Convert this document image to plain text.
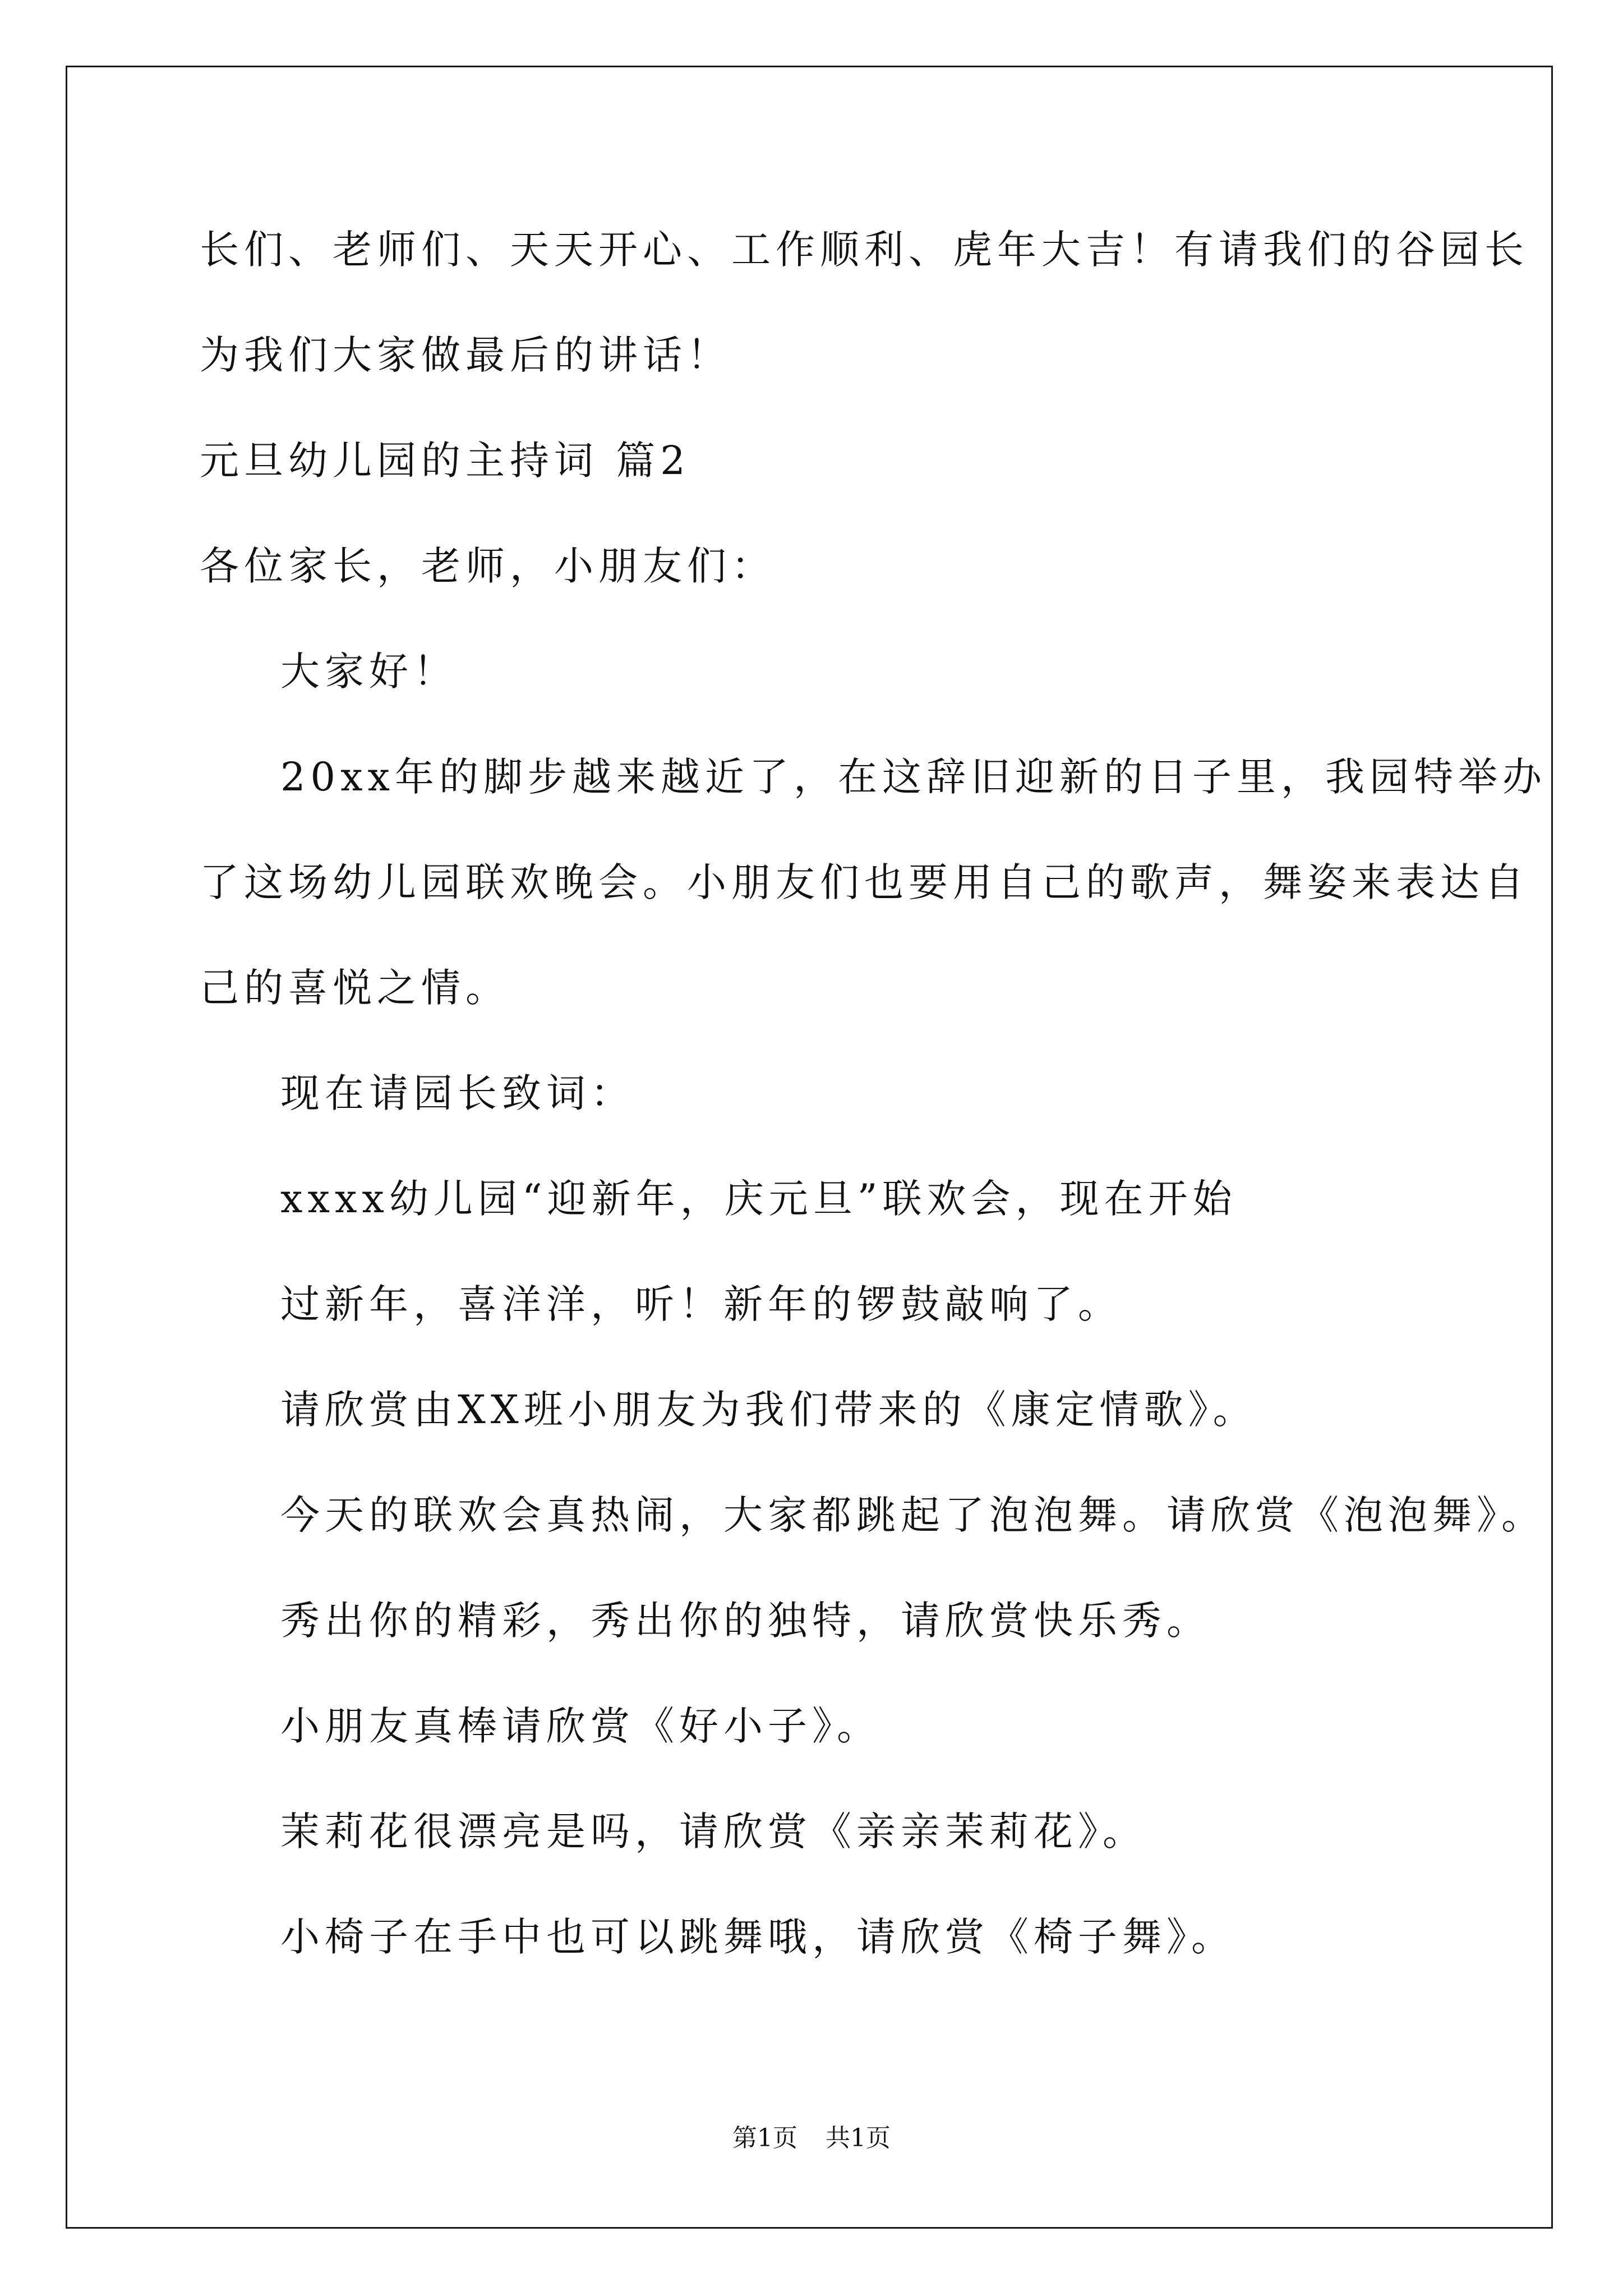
长们、老师们、天天开心、工作顺利、虎年大吉！有请我们的谷园长
为我们大家做最后的讲话！
元旦幼儿园的主持词 篇2
各位家长，老师，小朋友们：
大家好！
20xx年的脚步越来越近了，在这辞旧迎新的日子里，我园特举办
了这场幼儿园联欢晚会。小朋友们也要用自己的歌声，舞姿来表达自
己的喜悦之情。
现在请园长致词：
xxxx幼儿园“迎新年，庆元旦”联欢会，现在开始
过新年，喜洋洋，听！新年的锣鼓敲响了。
请欣赏由XX班小朋友为我们带来的《康定情歌》。
今天的联欢会真热闹，大家都跳起了泡泡舞。请欣赏《泡泡舞》。
秀出你的精彩，秀出你的独特，请欣赏快乐秀。
小朋友真棒请欣赏《好小子》。
茉莉花很漂亮是吗，请欣赏《亲亲茉莉花》。
小椅子在手中也可以跳舞哦，请欣赏《椅子舞》。
第1页 共1页
